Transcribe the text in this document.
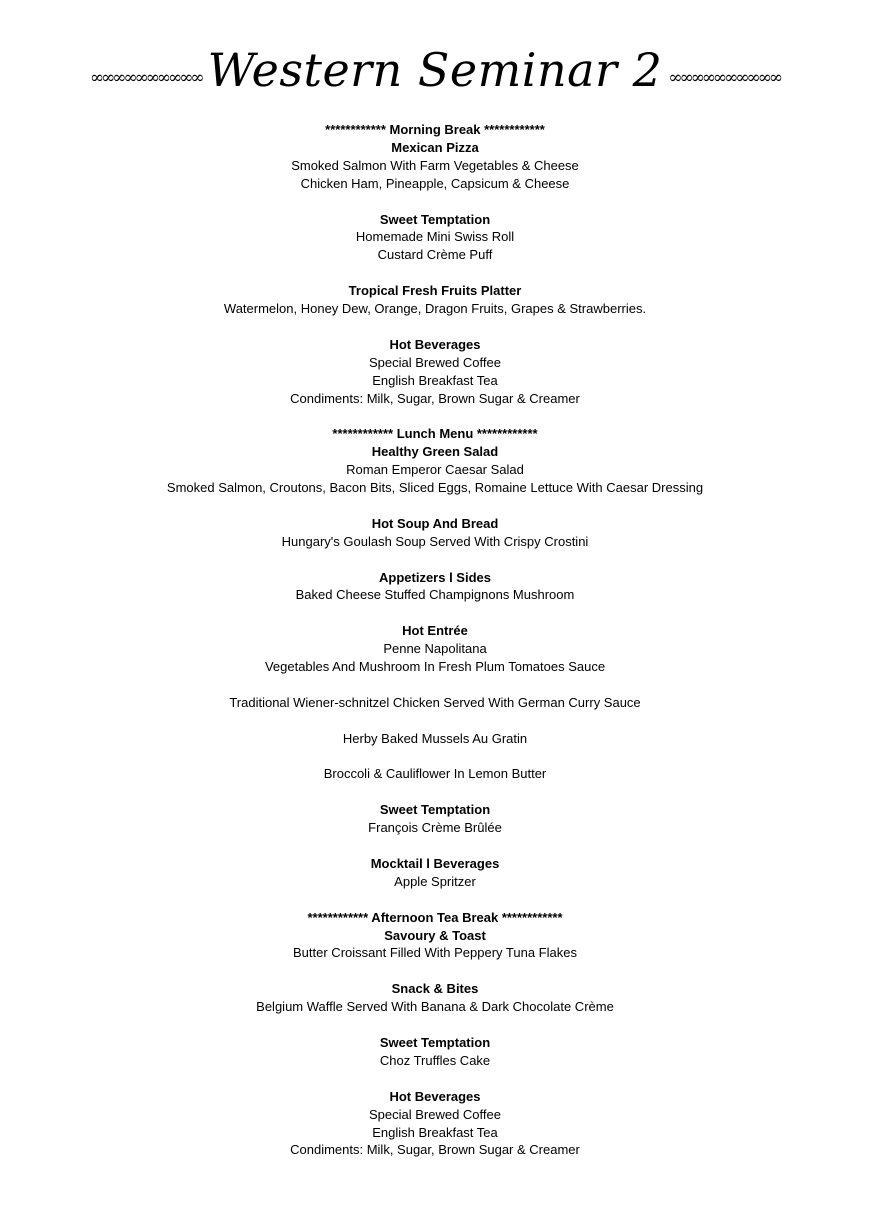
∞∞∞∞∞∞∞∞∞∞ Western Seminar 2 ∞∞∞∞∞∞∞∞∞∞
************ Morning Break ************
Mexican Pizza
Smoked Salmon With Farm Vegetables & Cheese
Chicken Ham, Pineapple, Capsicum & Cheese
Sweet Temptation
Homemade Mini Swiss Roll
Custard Crème Puff
Tropical Fresh Fruits Platter
Watermelon, Honey Dew, Orange, Dragon Fruits, Grapes & Strawberries.
Hot Beverages
Special Brewed Coffee
English Breakfast Tea
Condiments: Milk, Sugar, Brown Sugar & Creamer
************ Lunch Menu ************
Healthy Green Salad
Roman Emperor Caesar Salad
Smoked Salmon, Croutons, Bacon Bits, Sliced Eggs, Romaine Lettuce With Caesar Dressing
Hot Soup And Bread
Hungary's Goulash Soup Served With Crispy Crostini
Appetizers l Sides
Baked Cheese Stuffed Champignons Mushroom
Hot Entrée
Penne Napolitana
Vegetables And Mushroom In Fresh Plum Tomatoes Sauce
Traditional Wiener-schnitzel Chicken Served With German Curry Sauce
Herby Baked Mussels Au Gratin
Broccoli & Cauliflower In Lemon Butter
Sweet Temptation
François Crème Brûlée
Mocktail l Beverages
Apple Spritzer
************ Afternoon Tea Break ************
Savoury & Toast
Butter Croissant Filled With Peppery Tuna Flakes
Snack & Bites
Belgium Waffle Served With Banana & Dark Chocolate Crème
Sweet Temptation
Choz Truffles Cake
Hot Beverages
Special Brewed Coffee
English Breakfast Tea
Condiments: Milk, Sugar, Brown Sugar & Creamer
